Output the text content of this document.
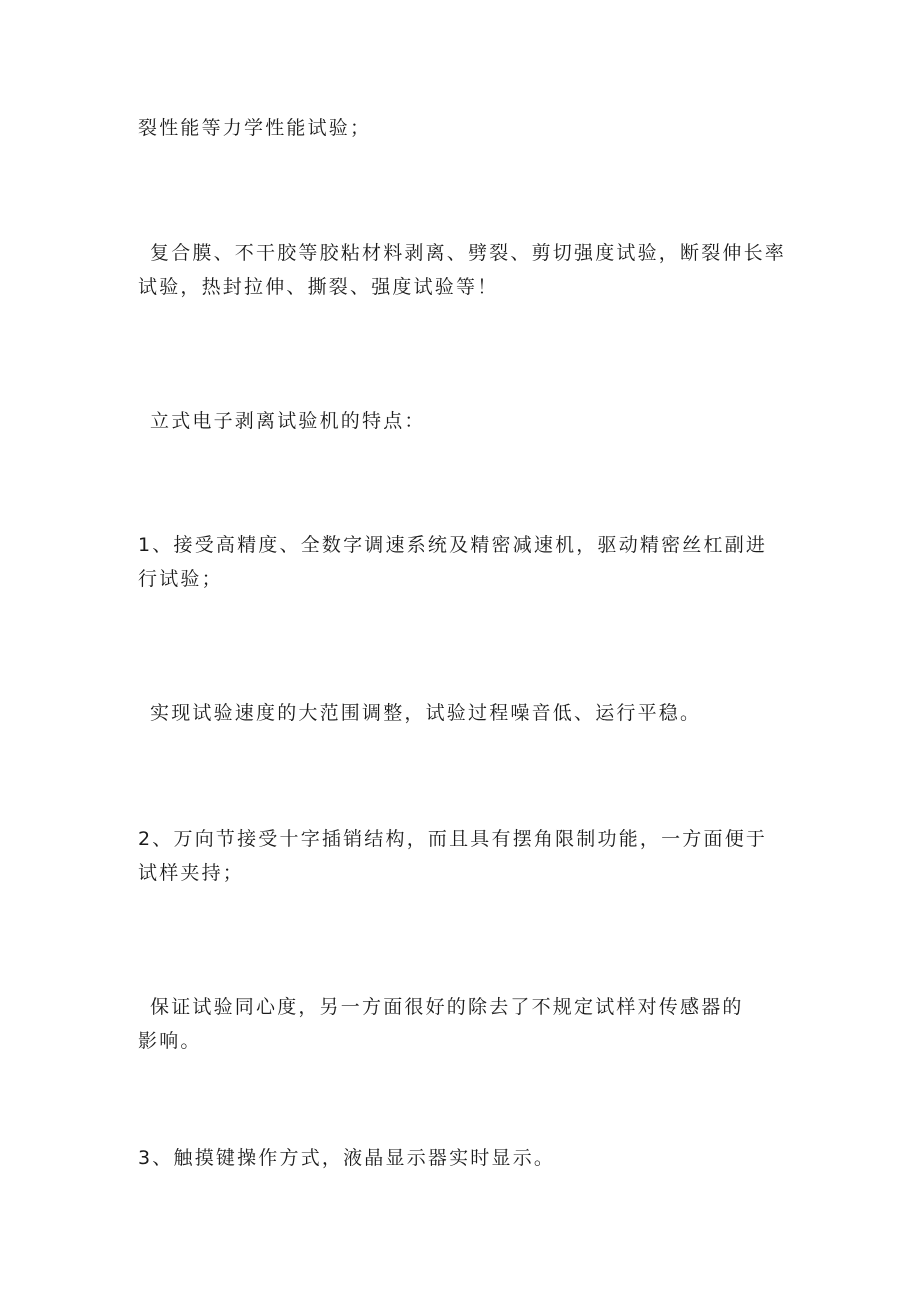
裂性能等力学性能试验；

复合膜、不干胶等胶粘材料剥离、劈裂、剪切强度试验，断裂伸长率试验，热封拉伸、撕裂、强度试验等！

立式电子剥离试验机的特点：

1、接受高精度、全数字调速系统及精密减速机，驱动精密丝杠副进行试验；

实现试验速度的大范围调整，试验过程噪音低、运行平稳。

2、万向节接受十字插销结构，而且具有摆角限制功能，一方面便于试样夹持；

保证试验同心度，另一方面很好的除去了不规定试样对传感器的影响。

3、触摸键操作方式，液晶显示器实时显示。
